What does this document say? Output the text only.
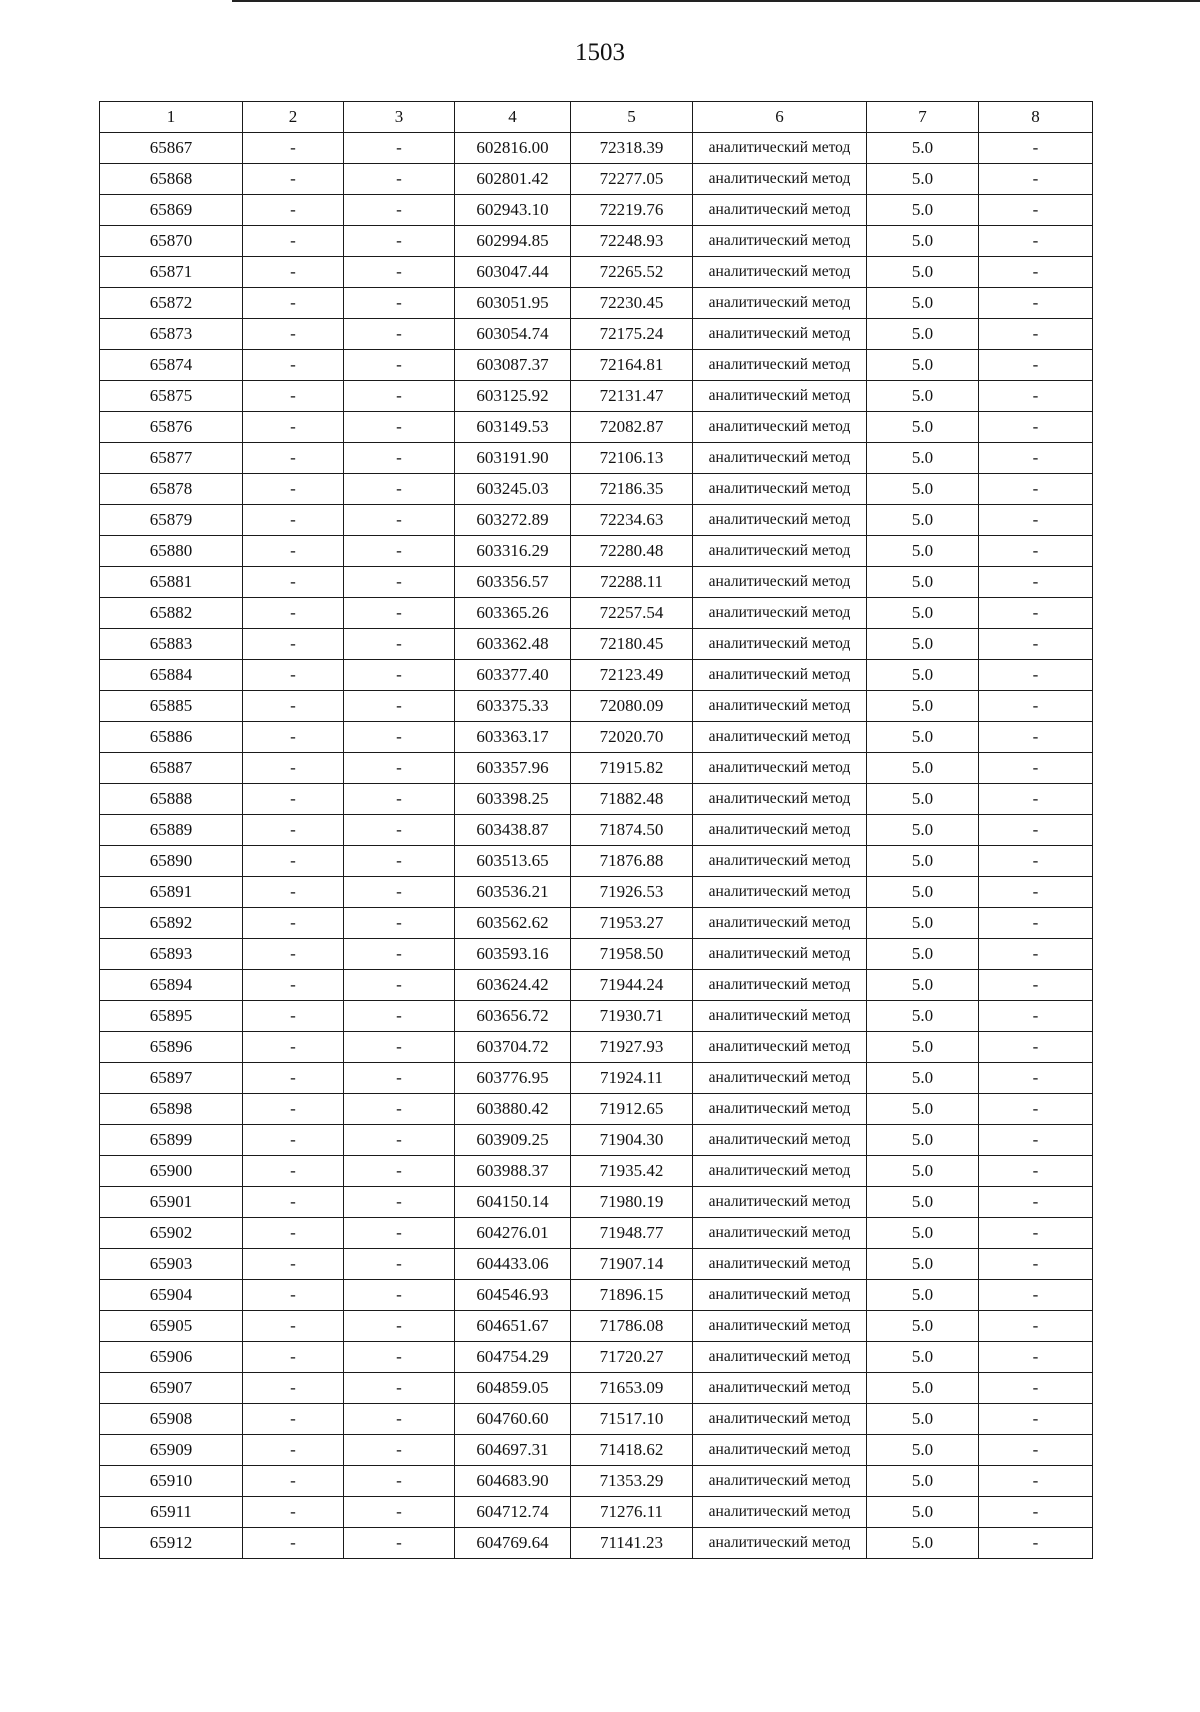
1503
1	2	3	4	5	6	7	8
65867	-	-	602816.00	72318.39	аналитический метод	5.0	-
65868	-	-	602801.42	72277.05	аналитический метод	5.0	-
65869	-	-	602943.10	72219.76	аналитический метод	5.0	-
65870	-	-	602994.85	72248.93	аналитический метод	5.0	-
65871	-	-	603047.44	72265.52	аналитический метод	5.0	-
65872	-	-	603051.95	72230.45	аналитический метод	5.0	-
65873	-	-	603054.74	72175.24	аналитический метод	5.0	-
65874	-	-	603087.37	72164.81	аналитический метод	5.0	-
65875	-	-	603125.92	72131.47	аналитический метод	5.0	-
65876	-	-	603149.53	72082.87	аналитический метод	5.0	-
65877	-	-	603191.90	72106.13	аналитический метод	5.0	-
65878	-	-	603245.03	72186.35	аналитический метод	5.0	-
65879	-	-	603272.89	72234.63	аналитический метод	5.0	-
65880	-	-	603316.29	72280.48	аналитический метод	5.0	-
65881	-	-	603356.57	72288.11	аналитический метод	5.0	-
65882	-	-	603365.26	72257.54	аналитический метод	5.0	-
65883	-	-	603362.48	72180.45	аналитический метод	5.0	-
65884	-	-	603377.40	72123.49	аналитический метод	5.0	-
65885	-	-	603375.33	72080.09	аналитический метод	5.0	-
65886	-	-	603363.17	72020.70	аналитический метод	5.0	-
65887	-	-	603357.96	71915.82	аналитический метод	5.0	-
65888	-	-	603398.25	71882.48	аналитический метод	5.0	-
65889	-	-	603438.87	71874.50	аналитический метод	5.0	-
65890	-	-	603513.65	71876.88	аналитический метод	5.0	-
65891	-	-	603536.21	71926.53	аналитический метод	5.0	-
65892	-	-	603562.62	71953.27	аналитический метод	5.0	-
65893	-	-	603593.16	71958.50	аналитический метод	5.0	-
65894	-	-	603624.42	71944.24	аналитический метод	5.0	-
65895	-	-	603656.72	71930.71	аналитический метод	5.0	-
65896	-	-	603704.72	71927.93	аналитический метод	5.0	-
65897	-	-	603776.95	71924.11	аналитический метод	5.0	-
65898	-	-	603880.42	71912.65	аналитический метод	5.0	-
65899	-	-	603909.25	71904.30	аналитический метод	5.0	-
65900	-	-	603988.37	71935.42	аналитический метод	5.0	-
65901	-	-	604150.14	71980.19	аналитический метод	5.0	-
65902	-	-	604276.01	71948.77	аналитический метод	5.0	-
65903	-	-	604433.06	71907.14	аналитический метод	5.0	-
65904	-	-	604546.93	71896.15	аналитический метод	5.0	-
65905	-	-	604651.67	71786.08	аналитический метод	5.0	-
65906	-	-	604754.29	71720.27	аналитический метод	5.0	-
65907	-	-	604859.05	71653.09	аналитический метод	5.0	-
65908	-	-	604760.60	71517.10	аналитический метод	5.0	-
65909	-	-	604697.31	71418.62	аналитический метод	5.0	-
65910	-	-	604683.90	71353.29	аналитический метод	5.0	-
65911	-	-	604712.74	71276.11	аналитический метод	5.0	-
65912	-	-	604769.64	71141.23	аналитический метод	5.0	-
